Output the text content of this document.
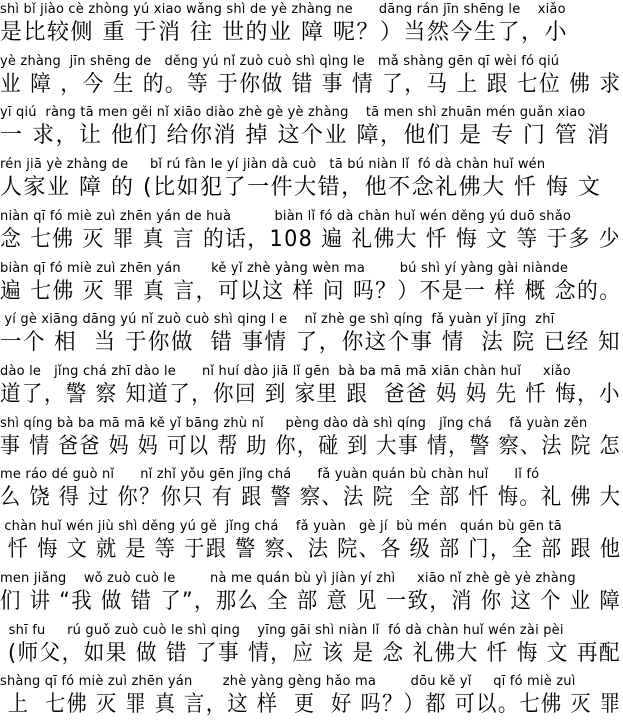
shì bǐ jiào cè zhòng yú xiao wǎng shì de yè zhàng ne      dāng rán jīn shēng le    xiǎo
是比较侧 重 于消 往 世的业 障 呢？）当然今生了，小
yè zhàng  jīn shēng de   děng yú nǐ zuò cuò shì qìng le   mǎ shàng gēn qī wèi fó qiú
业 障 ，今 生 的。等 于你做 错 事 情 了，马 上 跟 七位 佛 求
yī qiú  ràng tā men gěi nǐ xiāo diào zhè gè yè zhàng    tā men shì zhuān mén guǎn xiao
一 求，让 他们 给你消 掉 这个业 障，他们 是 专 门 管 消
rén jiā yè zhàng de     bǐ rú fàn le yí jiàn dà cuò   tā bú niàn lǐ  fó dà chàn huǐ wén
人家业 障 的 (比如犯了一件大错，他不念礼佛大 忏 悔 文
niàn qī fó miè zuì zhēn yán de huà          biàn lǐ fó dà chàn huǐ wén děng yú duō shǎo
念 七佛 灭 罪 真 言 的话，108 遍 礼佛大 忏 悔 文 等 于多 少
biàn qī fó miè zuì zhēn yán       kě yǐ zhè yàng wèn ma        bú shì yí yàng gài niànde
遍 七佛 灭 罪 真 言，可以这 样 问 吗？）不是一 样 概 念的。
yí gè xiāng dāng yú nǐ zuò cuò shì qing l e    nǐ zhè ge shì qíng  fǎ yuàn yǐ jīng  zhī
一个 相  当 于你做  错 事情 了，你这个事 情  法 院 已经 知
dào le   jǐng chá zhī dào le      nǐ huí dào jiā lǐ gēn  bà ba mā mā xiān chàn huǐ     xiǎo
道了，警 察 知道了，你回 到 家里 跟  爸爸 妈 妈 先 忏 悔，小
shì qíng bà ba mā mā kě yǐ bāng zhù nǐ     pèng dào dà shì qíng   jǐng chá    fǎ yuàn zěn
事 情 爸爸 妈 妈 可以 帮 助 你，碰 到 大事 情，警 察、法 院 怎
me ráo dé guò nǐ      nǐ zhǐ yǒu gēn jǐng chá      fǎ yuàn quán bù chàn huǐ      lǐ fó
么 饶 得 过 你？你只 有 跟 警 察、法 院  全 部 忏 悔。礼 佛 大
chàn huǐ wén jiù shì děng yú gě  jǐng chá    fǎ yuàn   gè jí  bù mén   quán bù gēn tā
忏 悔 文 就 是 等 于跟 警 察、法 院、各 级 部 门，全 部 跟 他
men jiǎng    wǒ zuò cuò le        nà me quán bù yì jiàn yí zhì     xiāo nǐ zhè gè yè zhàng
们 讲 “我 做 错 了”，那么 全 部 意 见 一致，消 你 这 个 业 障
shī fu     rú guǒ zuò cuò le shì qing    yīng gāi shì niàn lǐ  fó dà chàn huǐ wén zài pèi
(师父，如果 做 错 了事 情，应 该 是 念 礼佛大 忏 悔 文 再配
shàng qī fó miè zuì zhēn yán       zhè yàng gèng hǎo ma        dōu kě yǐ     qī fó miè zuì
上  七佛 灭 罪 真 言，这 样  更  好 吗？）都 可以。七佛 灭 罪
